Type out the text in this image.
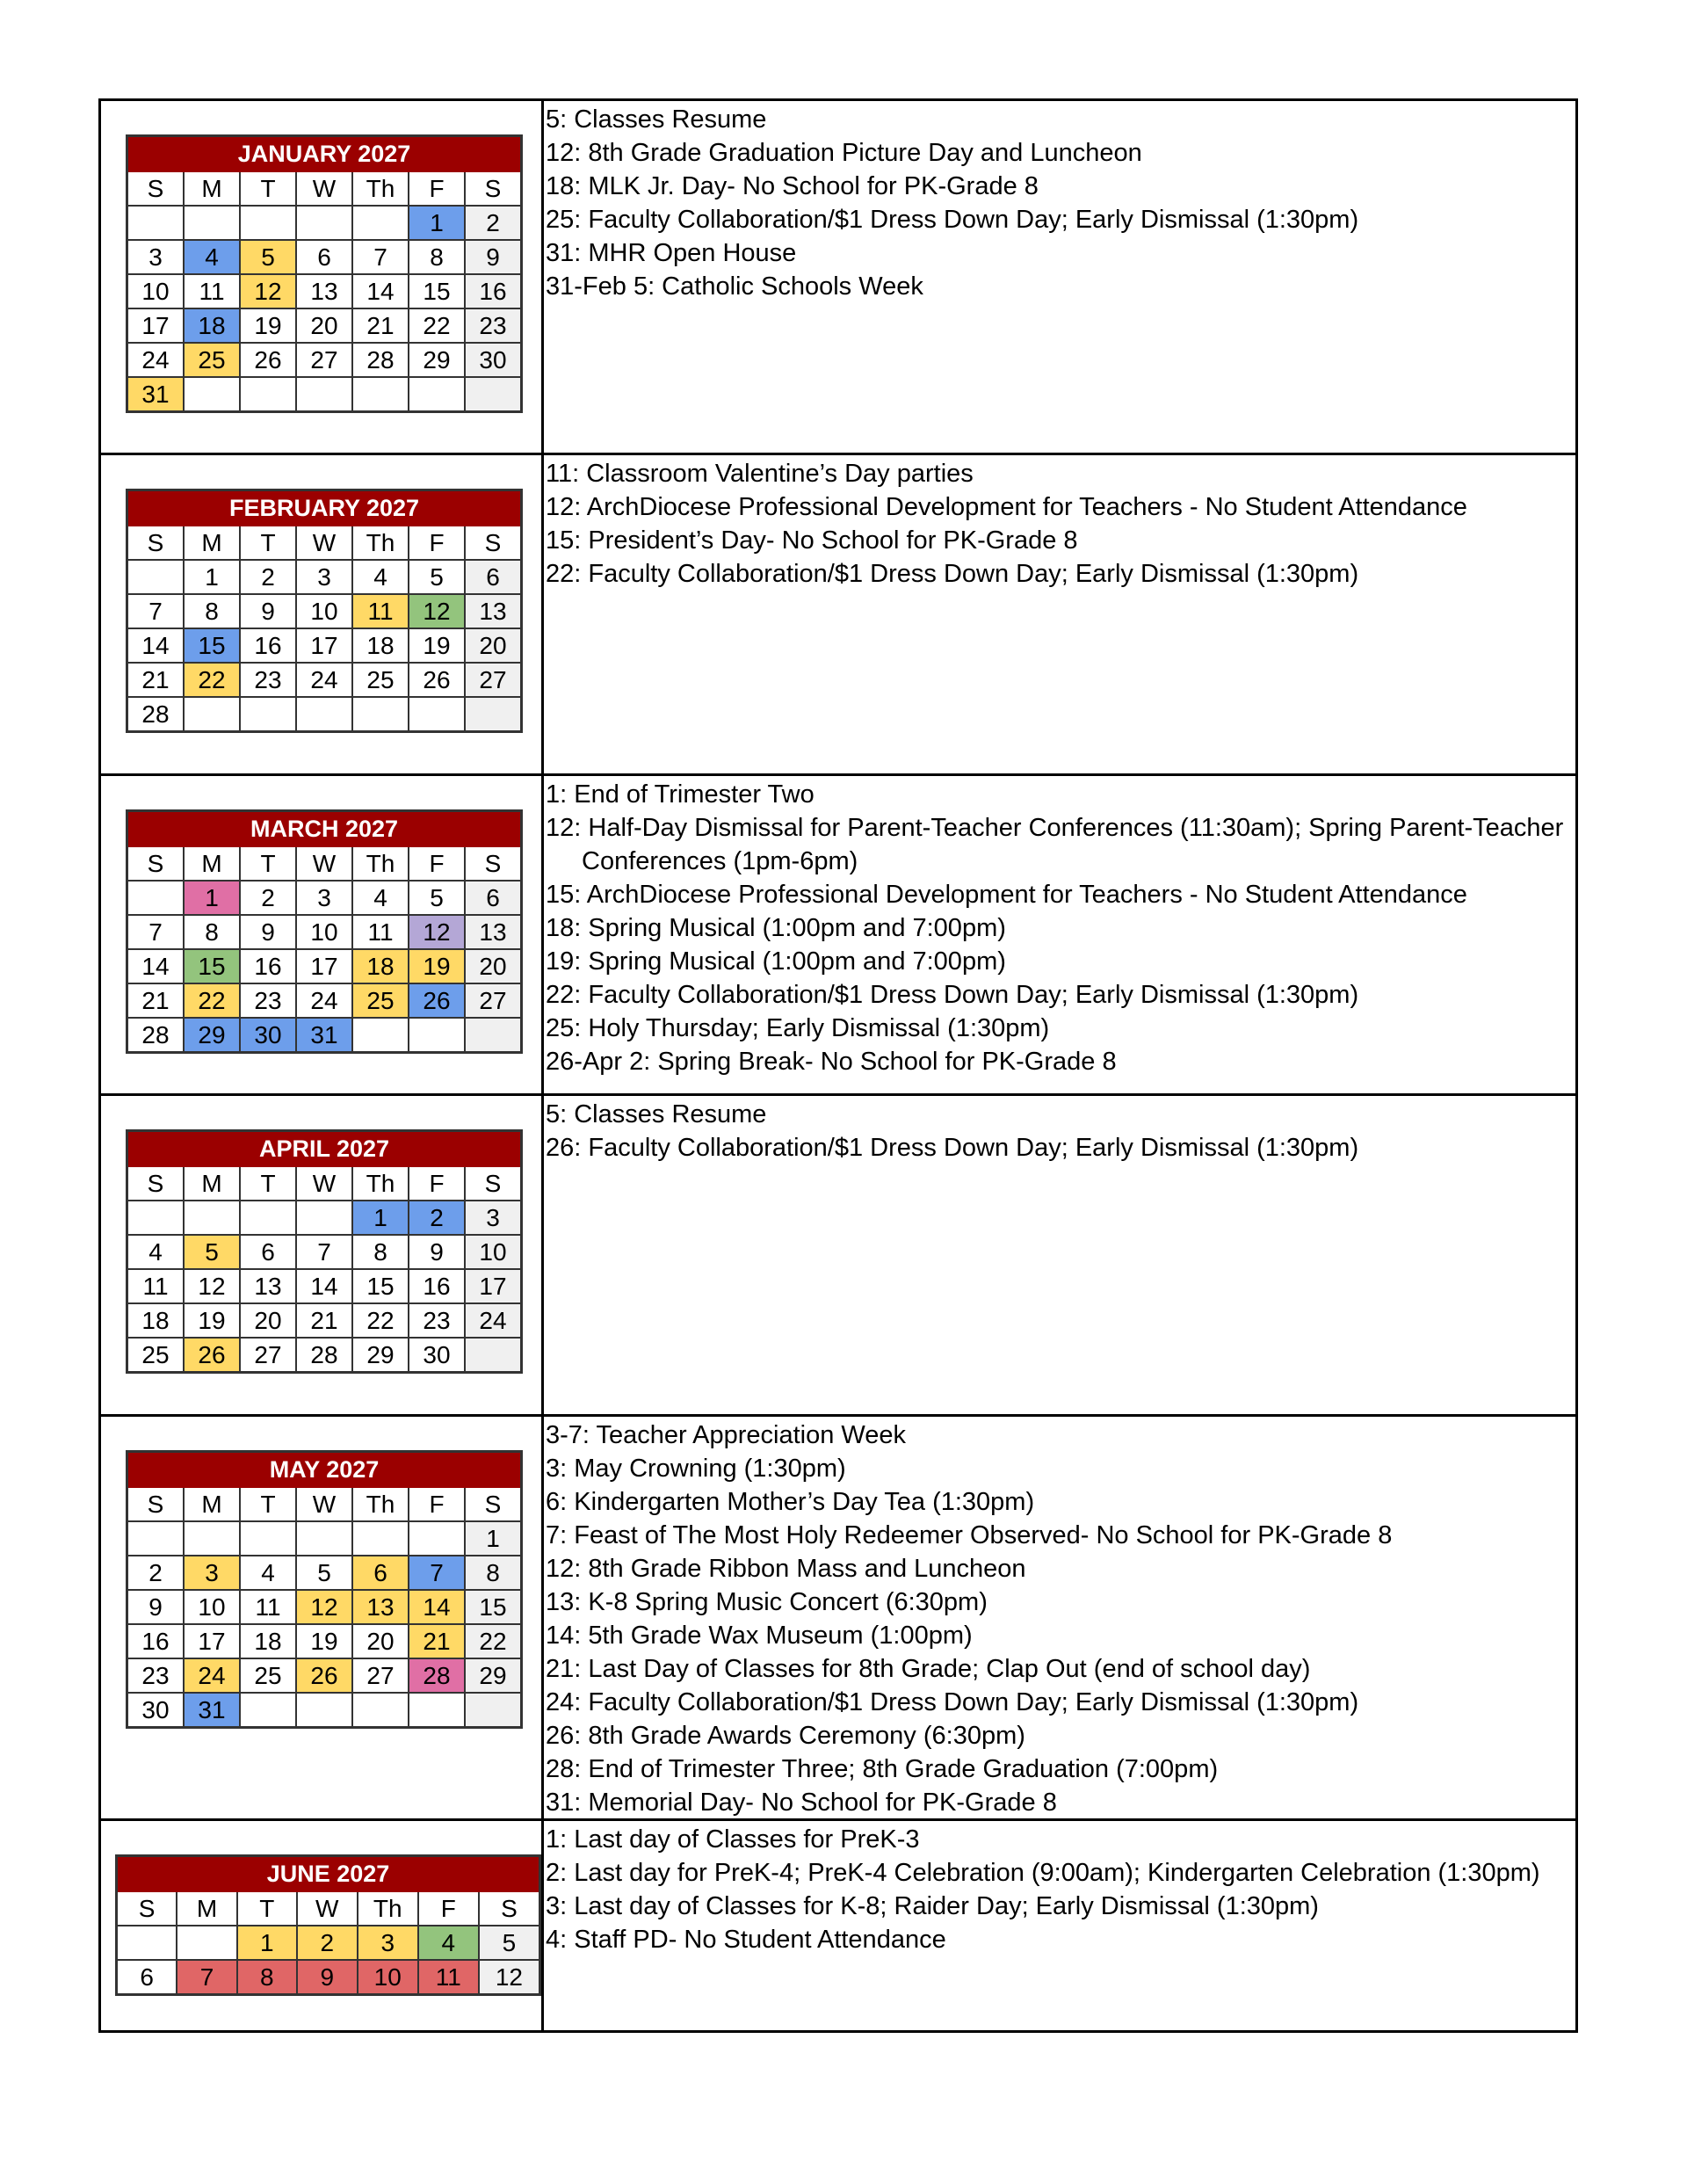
JANUARY 2027						
S	M	T	W	Th	F	S
					1	2
3	4	5	6	7	8	9
10	11	12	13	14	15	16
17	18	19	20	21	22	23
24	25	26	27	28	29	30
31						
5: Classes Resume
12: 8th Grade Graduation Picture Day and Luncheon
18: MLK Jr. Day- No School for PK-Grade 8
25: Faculty Collaboration/$1 Dress Down Day; Early Dismissal (1:30pm)
31: MHR Open House
31-Feb 5: Catholic Schools Week
FEBRUARY 2027						
S	M	T	W	Th	F	S
	1	2	3	4	5	6
7	8	9	10	11	12	13
14	15	16	17	18	19	20
21	22	23	24	25	26	27
28						
11: Classroom Valentine’s Day parties
12: ArchDiocese Professional Development for Teachers - No Student Attendance
15: President’s Day- No School for PK-Grade 8
22: Faculty Collaboration/$1 Dress Down Day; Early Dismissal (1:30pm)
MARCH 2027						
S	M	T	W	Th	F	S
	1	2	3	4	5	6
7	8	9	10	11	12	13
14	15	16	17	18	19	20
21	22	23	24	25	26	27
28	29	30	31			
1: End of Trimester Two
12: Half-Day Dismissal for Parent-Teacher Conferences (11:30am); Spring Parent-Teacher
Conferences (1pm-6pm)
15: ArchDiocese Professional Development for Teachers - No Student Attendance
18: Spring Musical (1:00pm and 7:00pm)
19: Spring Musical (1:00pm and 7:00pm)
22: Faculty Collaboration/$1 Dress Down Day; Early Dismissal (1:30pm)
25: Holy Thursday; Early Dismissal (1:30pm)
26-Apr 2: Spring Break- No School for PK-Grade 8
APRIL 2027						
S	M	T	W	Th	F	S
				1	2	3
4	5	6	7	8	9	10
11	12	13	14	15	16	17
18	19	20	21	22	23	24
25	26	27	28	29	30	
5: Classes Resume
26: Faculty Collaboration/$1 Dress Down Day; Early Dismissal (1:30pm)
MAY 2027						
S	M	T	W	Th	F	S
						1
2	3	4	5	6	7	8
9	10	11	12	13	14	15
16	17	18	19	20	21	22
23	24	25	26	27	28	29
30	31					
3-7: Teacher Appreciation Week
3: May Crowning (1:30pm)
6: Kindergarten Mother’s Day Tea (1:30pm)
7: Feast of The Most Holy Redeemer Observed- No School for PK-Grade 8
12: 8th Grade Ribbon Mass and Luncheon
13: K-8 Spring Music Concert (6:30pm)
14: 5th Grade Wax Museum (1:00pm)
21: Last Day of Classes for 8th Grade; Clap Out (end of school day)
24: Faculty Collaboration/$1 Dress Down Day; Early Dismissal (1:30pm)
26: 8th Grade Awards Ceremony (6:30pm)
28: End of Trimester Three; 8th Grade Graduation (7:00pm)
31: Memorial Day- No School for PK-Grade 8
JUNE 2027						
S	M	T	W	Th	F	S
		1	2	3	4	5
6	7	8	9	10	11	12
1: Last day of Classes for PreK-3
2: Last day for PreK-4; PreK-4 Celebration (9:00am); Kindergarten Celebration (1:30pm)
3: Last day of Classes for K-8; Raider Day; Early Dismissal (1:30pm)
4: Staff PD- No Student Attendance
